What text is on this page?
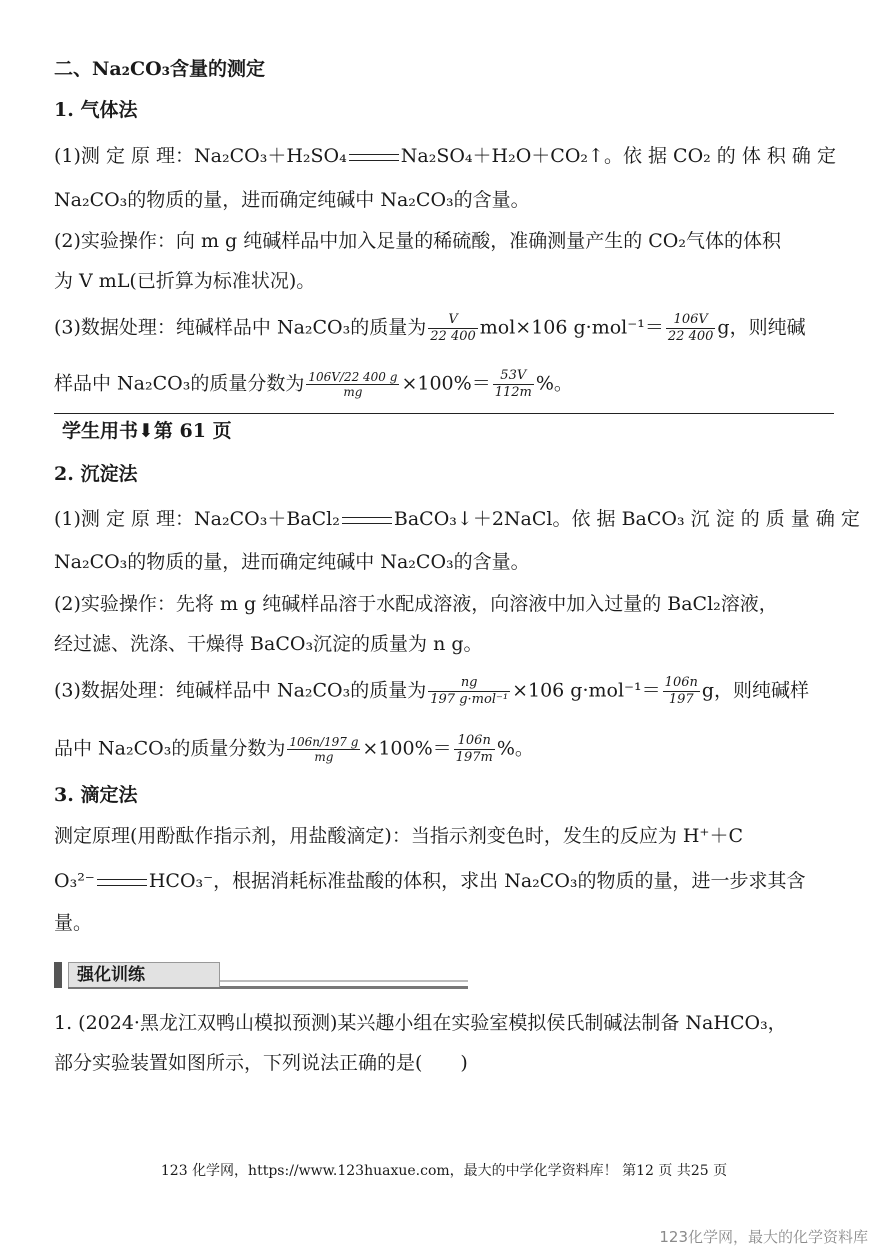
二、Na₂CO₃含量的测定
1. 气体法
(1)测 定 原 理：Na₂CO₃＋H₂SO₄	Na₂SO₄＋H₂O＋CO₂↑。依 据 CO₂ 的 体 积 确 定
Na₂CO₃的物质的量，进而确定纯碱中 Na₂CO₃的含量。
(2)实验操作：向 m g 纯碱样品中加入足量的稀硫酸，准确测量产生的 CO₂气体的体积
为 V mL(已折算为标准状况)。
(3)数据处理：纯碱样品中 Na₂CO₃的质量为 $\frac{V}{22 400} mol\times 106$ $g\cdot mol^{-1}= \frac{106V}{22 400}$ g，则纯碱
样品中 Na₂CO₃的质量分数为 $\frac{106V/22 400 g}{mg} \times 100\%= \frac{53V}{112m}$ %。
学生用书⬇第 61 页
2. 沉淀法
(1)测 定 原 理：Na₂CO₃＋BaCl₂	BaCO₃↓＋2NaCl。依 据 BaCO₃ 沉 淀 的 质 量 确 定
Na₂CO₃的物质的量，进而确定纯碱中 Na₂CO₃的含量。
(2)实验操作：先将 m g 纯碱样品溶于水配成溶液，向溶液中加入过量的 BaCl₂溶液，
经过滤、洗涤、干燥得 BaCO₃沉淀的质量为 n g。
(3)数据处理：纯碱样品中 Na₂CO₃的质量为 $\frac{ng}{\text{197 g·mol⁻¹}} \times 106$ $g\cdot mol^{-1}= \frac{106n}{197}$ g，则纯碱样
品中 Na₂CO₃的质量分数为 $\frac{106n/197 g}{mg} \times 100\%= \frac{106n}{197m}$ %。
3. 滴定法
测定原理(用酚酞作指示剂，用盐酸滴定)：当指示剂变色时，发生的反应为 H⁺＋C
O₃²⁻	HCO₃⁻，根据消耗标准盐酸的体积，求出 Na₂CO₃的物质的量，进一步求其含
量。
强化训练
1. (2024·黑龙江双鸭山模拟预测)某兴趣小组在实验室模拟侯氏制碱法制备 NaHCO₃，
部分实验装置如图所示，下列说法正确的是(　　)
123 化学网，https://www.123huaxue.com，最大的中学化学资料库！ 第12 页 共25 页
123化学网，最大的化学资料库
